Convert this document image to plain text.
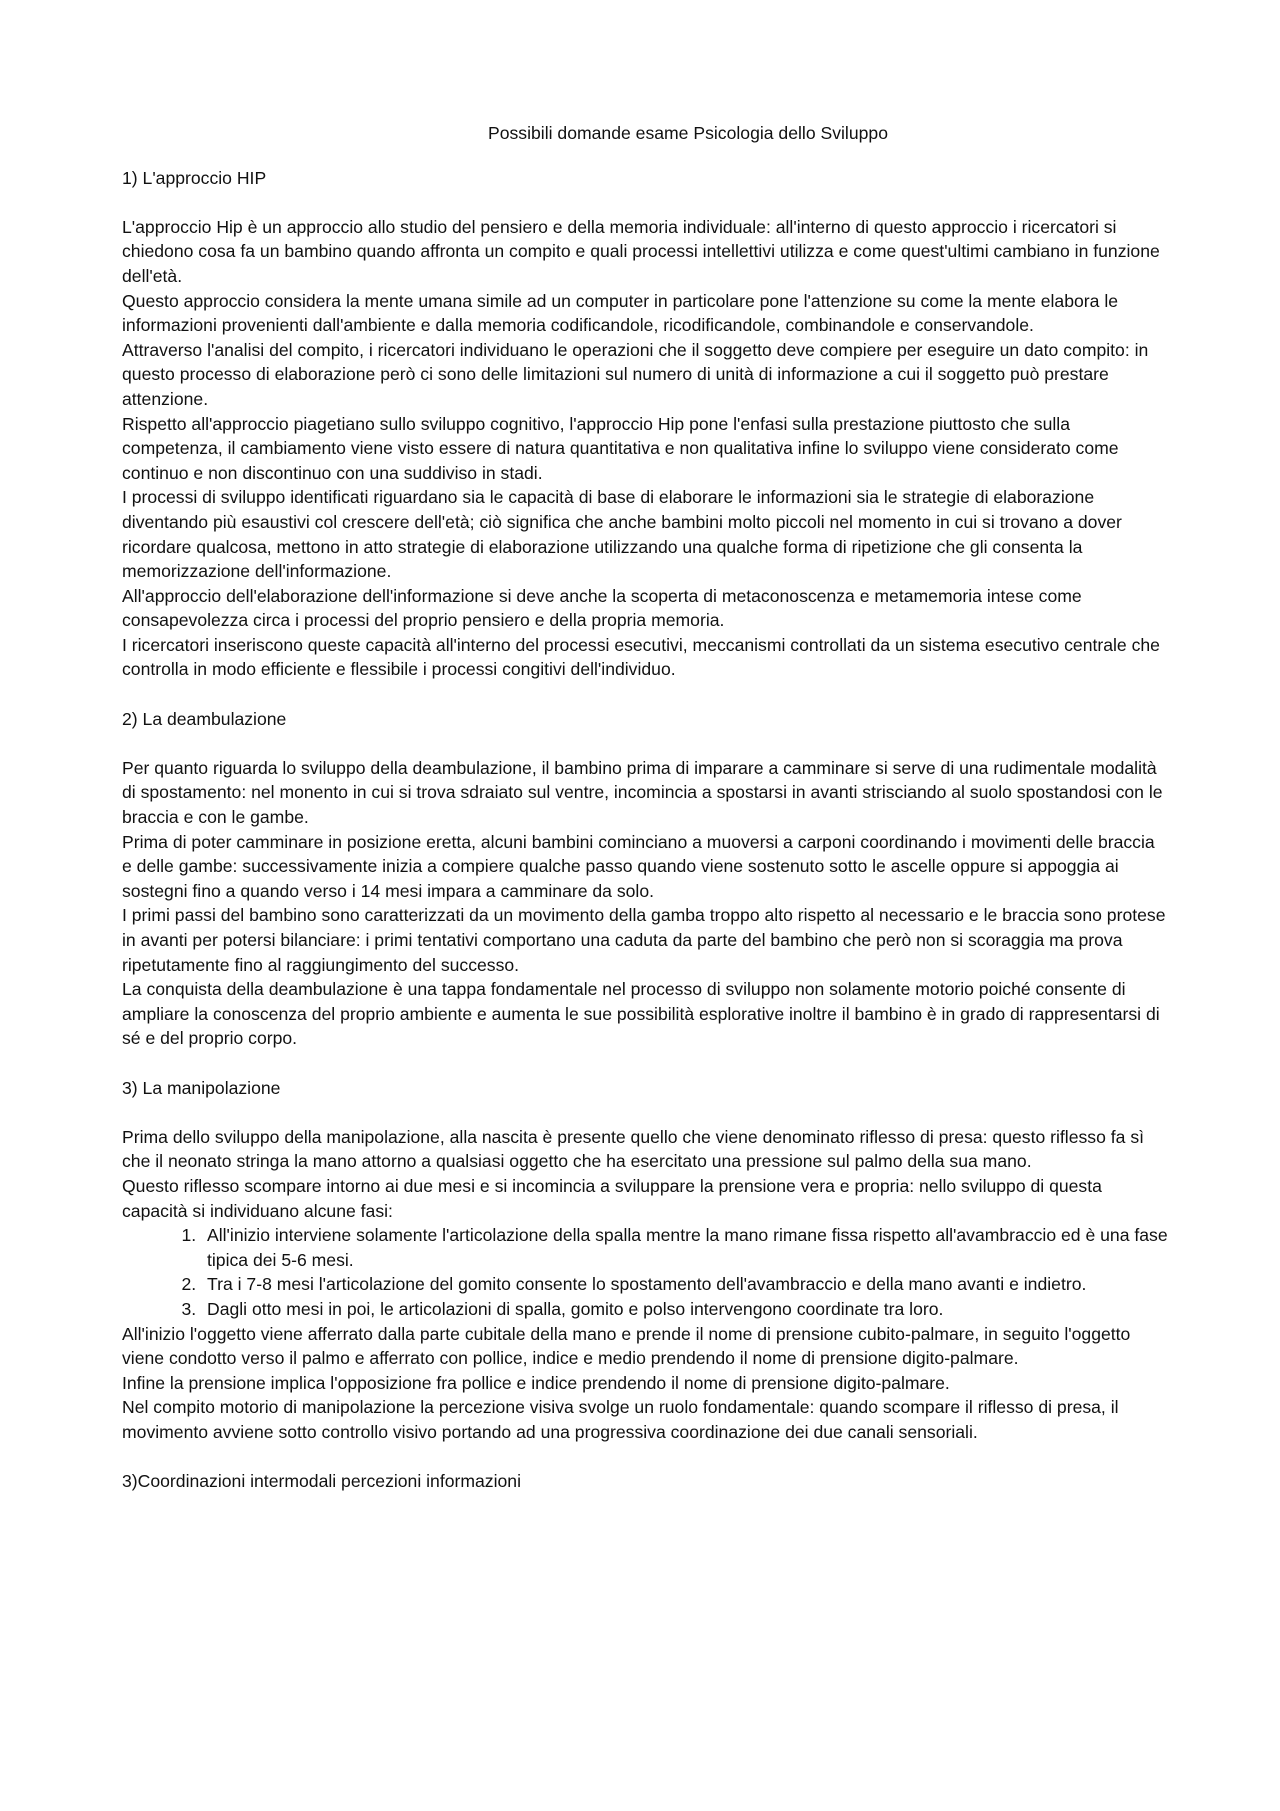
Possibili domande esame Psicologia dello Sviluppo
1) L'approccio HIP

L'approccio Hip è un approccio allo studio del pensiero e della memoria individuale: all'interno di questo approccio i ricercatori si chiedono cosa fa un bambino quando affronta un compito e quali processi intellettivi utilizza e come quest'ultimi cambiano in funzione dell'età.

Questo approccio considera la mente umana simile ad un computer in particolare pone l'attenzione su come la mente elabora le informazioni provenienti dall'ambiente e dalla memoria codificandole, ricodificandole, combinandole e conservandole.

Attraverso l'analisi del compito, i ricercatori individuano le operazioni che il soggetto deve compiere per eseguire un dato compito: in questo processo di elaborazione però ci sono delle limitazioni sul numero di unità di informazione a cui il soggetto può prestare attenzione.

Rispetto all'approccio piagetiano sullo sviluppo cognitivo, l'approccio Hip pone l'enfasi sulla prestazione piuttosto che sulla competenza, il cambiamento viene visto essere di natura quantitativa e non qualitativa infine lo sviluppo viene considerato come continuo e non discontinuo con una suddiviso in stadi.

I processi di sviluppo identificati riguardano sia le capacità di base di elaborare le informazioni sia le strategie di elaborazione diventando più esaustivi col crescere dell'età; ciò significa che anche bambini molto piccoli nel momento in cui si trovano a dover ricordare qualcosa, mettono in atto strategie di elaborazione utilizzando una qualche forma di ripetizione che gli consenta la memorizzazione dell'informazione.

All'approccio dell'elaborazione dell'informazione si deve anche la scoperta di metaconoscenza e metamemoria intese come consapevolezza circa i processi del proprio pensiero e della propria memoria.

I ricercatori inseriscono queste capacità all'interno del processi esecutivi, meccanismi controllati da un sistema esecutivo centrale che controlla in modo efficiente e flessibile i processi congitivi dell'individuo.

2) La deambulazione

Per quanto riguarda lo sviluppo della deambulazione, il bambino prima di imparare a camminare si serve di una rudimentale modalità di spostamento: nel monento in cui si trova sdraiato sul ventre, incomincia a spostarsi in avanti strisciando al suolo spostandosi con le braccia e con le gambe.

Prima di poter camminare in posizione eretta, alcuni bambini cominciano a muoversi a carponi coordinando i movimenti delle braccia e delle gambe: successivamente inizia a compiere qualche passo quando viene sostenuto sotto le ascelle oppure si appoggia ai sostegni fino a quando verso i 14 mesi impara a camminare da solo.

I primi passi del bambino sono caratterizzati da un movimento della gamba troppo alto rispetto al necessario e le braccia sono protese in avanti per potersi bilanciare: i primi tentativi comportano una caduta da parte del bambino che però non si scoraggia ma prova ripetutamente fino al raggiungimento del successo.

La conquista della deambulazione è una tappa fondamentale nel processo di sviluppo non solamente motorio poiché consente di ampliare la conoscenza del proprio ambiente e aumenta le sue possibilità esplorative inoltre il bambino è in grado di rappresentarsi di sé e del proprio corpo.

3) La manipolazione

Prima dello sviluppo della manipolazione, alla nascita è presente quello che viene denominato riflesso di presa: questo riflesso fa sì che il neonato stringa la mano attorno a qualsiasi oggetto che ha esercitato una pressione sul palmo della sua mano.

Questo riflesso scompare intorno ai due mesi e si incomincia a sviluppare la prensione vera e propria: nello sviluppo di questa capacità si individuano alcune fasi:

1. All'inizio interviene solamente l'articolazione della spalla mentre la mano rimane fissa rispetto all'avambraccio ed è una fase tipica dei 5-6 mesi.
2. Tra i 7-8 mesi l'articolazione del gomito consente lo spostamento dell'avambraccio e della mano avanti e indietro.
3. Dagli otto mesi in poi, le articolazioni di spalla, gomito e polso intervengono coordinate tra loro.

All'inizio l'oggetto viene afferrato dalla parte cubitale della mano e prende il nome di prensione cubito-palmare, in seguito l'oggetto viene condotto verso il palmo e afferrato con pollice, indice e medio prendendo il nome di prensione digito-palmare.

Infine la prensione implica l'opposizione fra pollice e indice prendendo il nome di prensione digito-palmare.

Nel compito motorio di manipolazione la percezione visiva svolge un ruolo fondamentale: quando scompare il riflesso di presa, il movimento avviene sotto controllo visivo portando ad una progressiva coordinazione dei due canali sensoriali.

3)Coordinazioni intermodali percezioni informazioni
